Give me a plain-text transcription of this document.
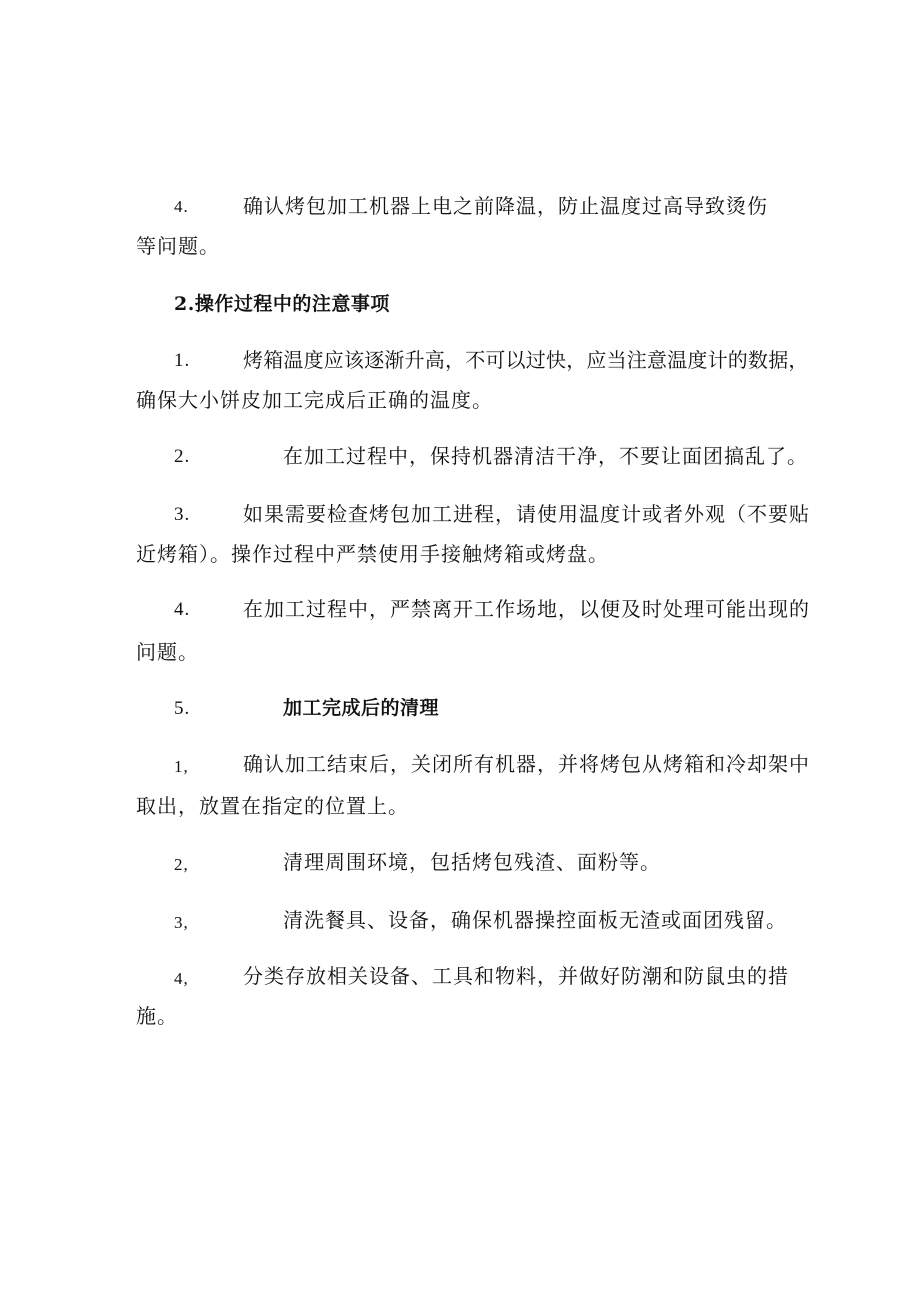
4.	确认烤包加工机器上电之前降温，防止温度过高导致烫伤
等问题。
2.操作过程中的注意事项
1.	烤箱温度应该逐渐升高，不可以过快，应当注意温度计的数据，
确保大小饼皮加工完成后正确的温度。
2.	在加工过程中，保持机器清洁干净，不要让面团搞乱了。
3.	如果需要检查烤包加工进程，请使用温度计或者外观（不要贴
近烤箱）。操作过程中严禁使用手接触烤箱或烤盘。
4.	在加工过程中，严禁离开工作场地，以便及时处理可能出现的
问题。
5.	加工完成后的清理
1,	确认加工结束后，关闭所有机器，并将烤包从烤箱和冷却架中
取出，放置在指定的位置上。
2,	清理周围环境，包括烤包残渣、面粉等。
3,	清洗餐具、设备，确保机器操控面板无渣或面团残留。
4,	分类存放相关设备、工具和物料，并做好防潮和防鼠虫的措
施。
